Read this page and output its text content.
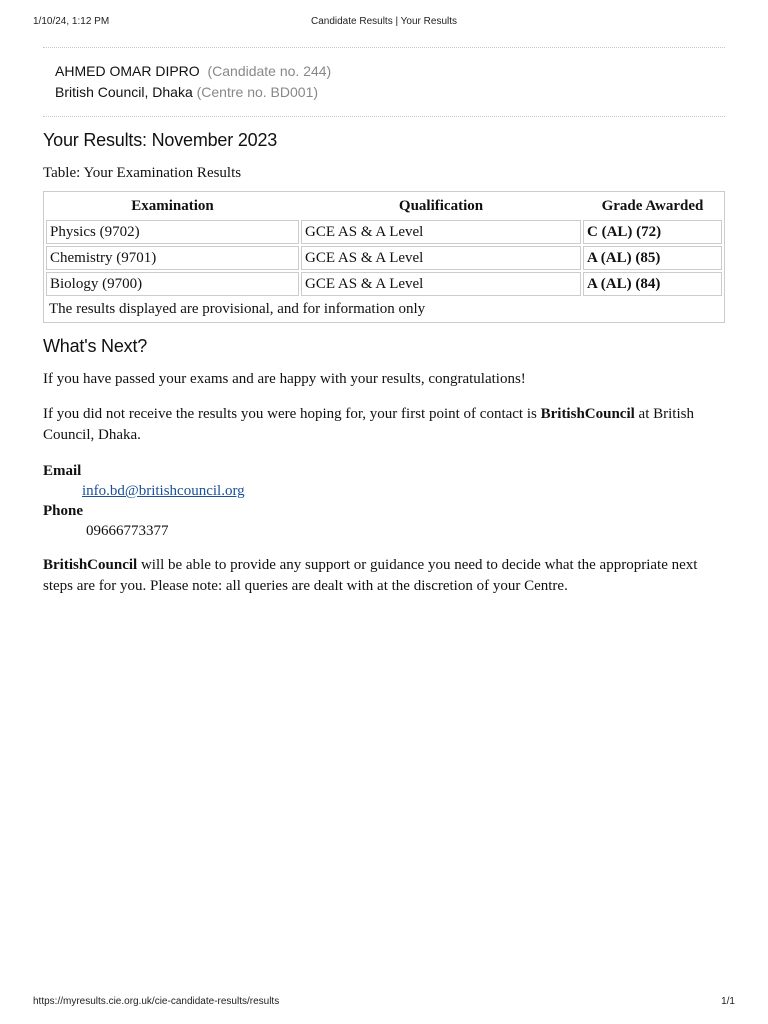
1/10/24, 1:12 PM	Candidate Results | Your Results
AHMED OMAR DIPRO (Candidate no. 244)
British Council, Dhaka (Centre no. BD001)
Your Results: November 2023
Table: Your Examination Results
Examination	Qualification	Grade Awarded
Physics (9702)	GCE AS & A Level	C (AL) (72)
Chemistry (9701)	GCE AS & A Level	A (AL) (85)
Biology (9700)	GCE AS & A Level	A (AL) (84)
The results displayed are provisional, and for information only		
What's Next?

If you have passed your exams and are happy with your results, congratulations!

If you did not receive the results you were hoping for, your first point of contact is BritishCouncil at British Council, Dhaka.

Email
info.bd@britishcouncil.org
Phone
09666773377

BritishCouncil will be able to provide any support or guidance you need to decide what the appropriate next steps are for you. Please note: all queries are dealt with at the discretion of your Centre.

https://myresults.cie.org.uk/cie-candidate-results/results	1/1
